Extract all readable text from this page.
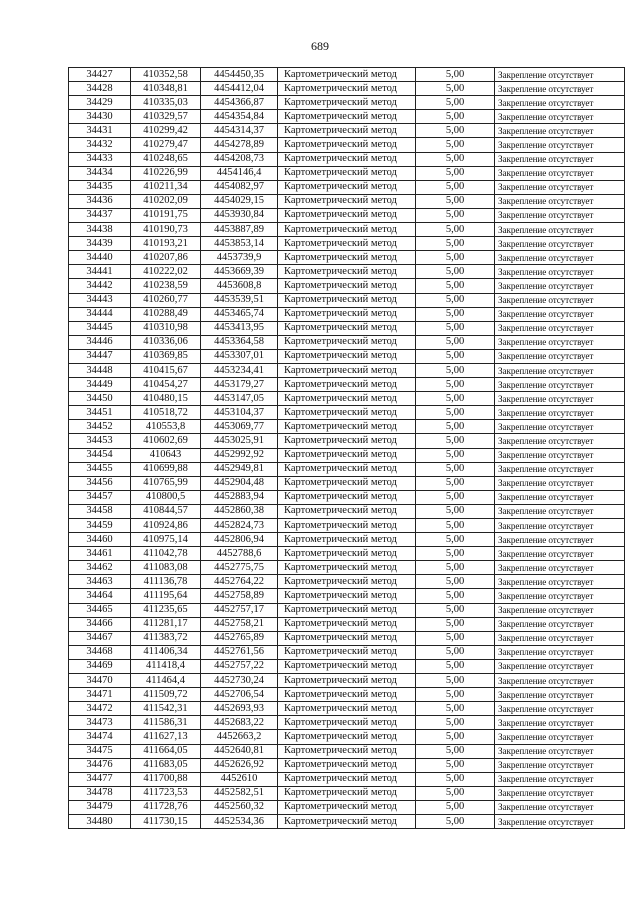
689
34427	410352,58	4454450,35	Картометрический метод	5,00	Закрепление отсутствует
34428	410348,81	4454412,04	Картометрический метод	5,00	Закрепление отсутствует
34429	410335,03	4454366,87	Картометрический метод	5,00	Закрепление отсутствует
34430	410329,57	4454354,84	Картометрический метод	5,00	Закрепление отсутствует
34431	410299,42	4454314,37	Картометрический метод	5,00	Закрепление отсутствует
34432	410279,47	4454278,89	Картометрический метод	5,00	Закрепление отсутствует
34433	410248,65	4454208,73	Картометрический метод	5,00	Закрепление отсутствует
34434	410226,99	4454146,4	Картометрический метод	5,00	Закрепление отсутствует
34435	410211,34	4454082,97	Картометрический метод	5,00	Закрепление отсутствует
34436	410202,09	4454029,15	Картометрический метод	5,00	Закрепление отсутствует
34437	410191,75	4453930,84	Картометрический метод	5,00	Закрепление отсутствует
34438	410190,73	4453887,89	Картометрический метод	5,00	Закрепление отсутствует
34439	410193,21	4453853,14	Картометрический метод	5,00	Закрепление отсутствует
34440	410207,86	4453739,9	Картометрический метод	5,00	Закрепление отсутствует
34441	410222,02	4453669,39	Картометрический метод	5,00	Закрепление отсутствует
34442	410238,59	4453608,8	Картометрический метод	5,00	Закрепление отсутствует
34443	410260,77	4453539,51	Картометрический метод	5,00	Закрепление отсутствует
34444	410288,49	4453465,74	Картометрический метод	5,00	Закрепление отсутствует
34445	410310,98	4453413,95	Картометрический метод	5,00	Закрепление отсутствует
34446	410336,06	4453364,58	Картометрический метод	5,00	Закрепление отсутствует
34447	410369,85	4453307,01	Картометрический метод	5,00	Закрепление отсутствует
34448	410415,67	4453234,41	Картометрический метод	5,00	Закрепление отсутствует
34449	410454,27	4453179,27	Картометрический метод	5,00	Закрепление отсутствует
34450	410480,15	4453147,05	Картометрический метод	5,00	Закрепление отсутствует
34451	410518,72	4453104,37	Картометрический метод	5,00	Закрепление отсутствует
34452	410553,8	4453069,77	Картометрический метод	5,00	Закрепление отсутствует
34453	410602,69	4453025,91	Картометрический метод	5,00	Закрепление отсутствует
34454	410643	4452992,92	Картометрический метод	5,00	Закрепление отсутствует
34455	410699,88	4452949,81	Картометрический метод	5,00	Закрепление отсутствует
34456	410765,99	4452904,48	Картометрический метод	5,00	Закрепление отсутствует
34457	410800,5	4452883,94	Картометрический метод	5,00	Закрепление отсутствует
34458	410844,57	4452860,38	Картометрический метод	5,00	Закрепление отсутствует
34459	410924,86	4452824,73	Картометрический метод	5,00	Закрепление отсутствует
34460	410975,14	4452806,94	Картометрический метод	5,00	Закрепление отсутствует
34461	411042,78	4452788,6	Картометрический метод	5,00	Закрепление отсутствует
34462	411083,08	4452775,75	Картометрический метод	5,00	Закрепление отсутствует
34463	411136,78	4452764,22	Картометрический метод	5,00	Закрепление отсутствует
34464	411195,64	4452758,89	Картометрический метод	5,00	Закрепление отсутствует
34465	411235,65	4452757,17	Картометрический метод	5,00	Закрепление отсутствует
34466	411281,17	4452758,21	Картометрический метод	5,00	Закрепление отсутствует
34467	411383,72	4452765,89	Картометрический метод	5,00	Закрепление отсутствует
34468	411406,34	4452761,56	Картометрический метод	5,00	Закрепление отсутствует
34469	411418,4	4452757,22	Картометрический метод	5,00	Закрепление отсутствует
34470	411464,4	4452730,24	Картометрический метод	5,00	Закрепление отсутствует
34471	411509,72	4452706,54	Картометрический метод	5,00	Закрепление отсутствует
34472	411542,31	4452693,93	Картометрический метод	5,00	Закрепление отсутствует
34473	411586,31	4452683,22	Картометрический метод	5,00	Закрепление отсутствует
34474	411627,13	4452663,2	Картометрический метод	5,00	Закрепление отсутствует
34475	411664,05	4452640,81	Картометрический метод	5,00	Закрепление отсутствует
34476	411683,05	4452626,92	Картометрический метод	5,00	Закрепление отсутствует
34477	411700,88	4452610	Картометрический метод	5,00	Закрепление отсутствует
34478	411723,53	4452582,51	Картометрический метод	5,00	Закрепление отсутствует
34479	411728,76	4452560,32	Картометрический метод	5,00	Закрепление отсутствует
34480	411730,15	4452534,36	Картометрический метод	5,00	Закрепление отсутствует
